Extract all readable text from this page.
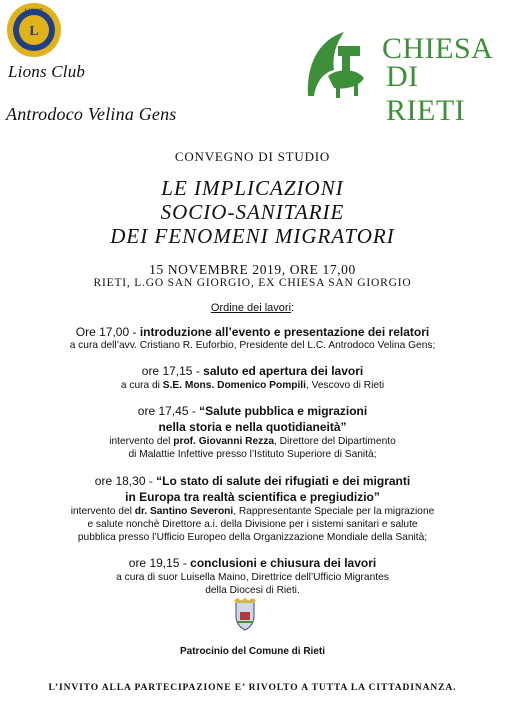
L
LIONS
Lions Club
Antrodoco Velina Gens
CHIESA
DI RIETI
CONVEGNO DI STUDIO
LE IMPLICAZIONI
SOCIO-SANITARIE
DEI FENOMENI MIGRATORI
15 NOVEMBRE 2019, ORE 17,00
RIETI, L.GO SAN GIORGIO, EX CHIESA SAN GIORGIO
Ordine dei lavori:
Ore 17,00 - introduzione all’evento e presentazione dei relatori
a cura dell’avv. Cristiano R. Euforbio, Presidente del L.C. Antrodoco Velina Gens;
ore 17,15 - saluto ed apertura dei lavori
a cura di S.E. Mons. Domenico Pompili, Vescovo di Rieti
ore 17,45 - “Salute pubblica e migrazioni
nella storia e nella quotidianeità”
intervento del prof. Giovanni Rezza, Direttore del Dipartimento
di Malattie Infettive presso l’Istituto Superiore di Sanità;
ore 18,30 - “Lo stato di salute dei rifugiati e dei migranti
in Europa tra realtà scientifica e pregiudizio”
intervento del dr. Santino Severoni, Rappresentante Speciale per la migrazione
e salute nonchè Direttore a.i. della Divisione per i sistemi sanitari e salute
pubblica presso l’Ufficio Europeo della Organizzazione Mondiale della Sanità;
ore 19,15 - conclusioni e chiusura dei lavori
a cura di suor Luisella Maino, Direttrice dell’Ufficio Migrantes
della Diocesi di Rieti.
Patrocinio del Comune di Rieti
L’INVITO ALLA PARTECIPAZIONE E’ RIVOLTO A TUTTA LA CITTADINANZA.
